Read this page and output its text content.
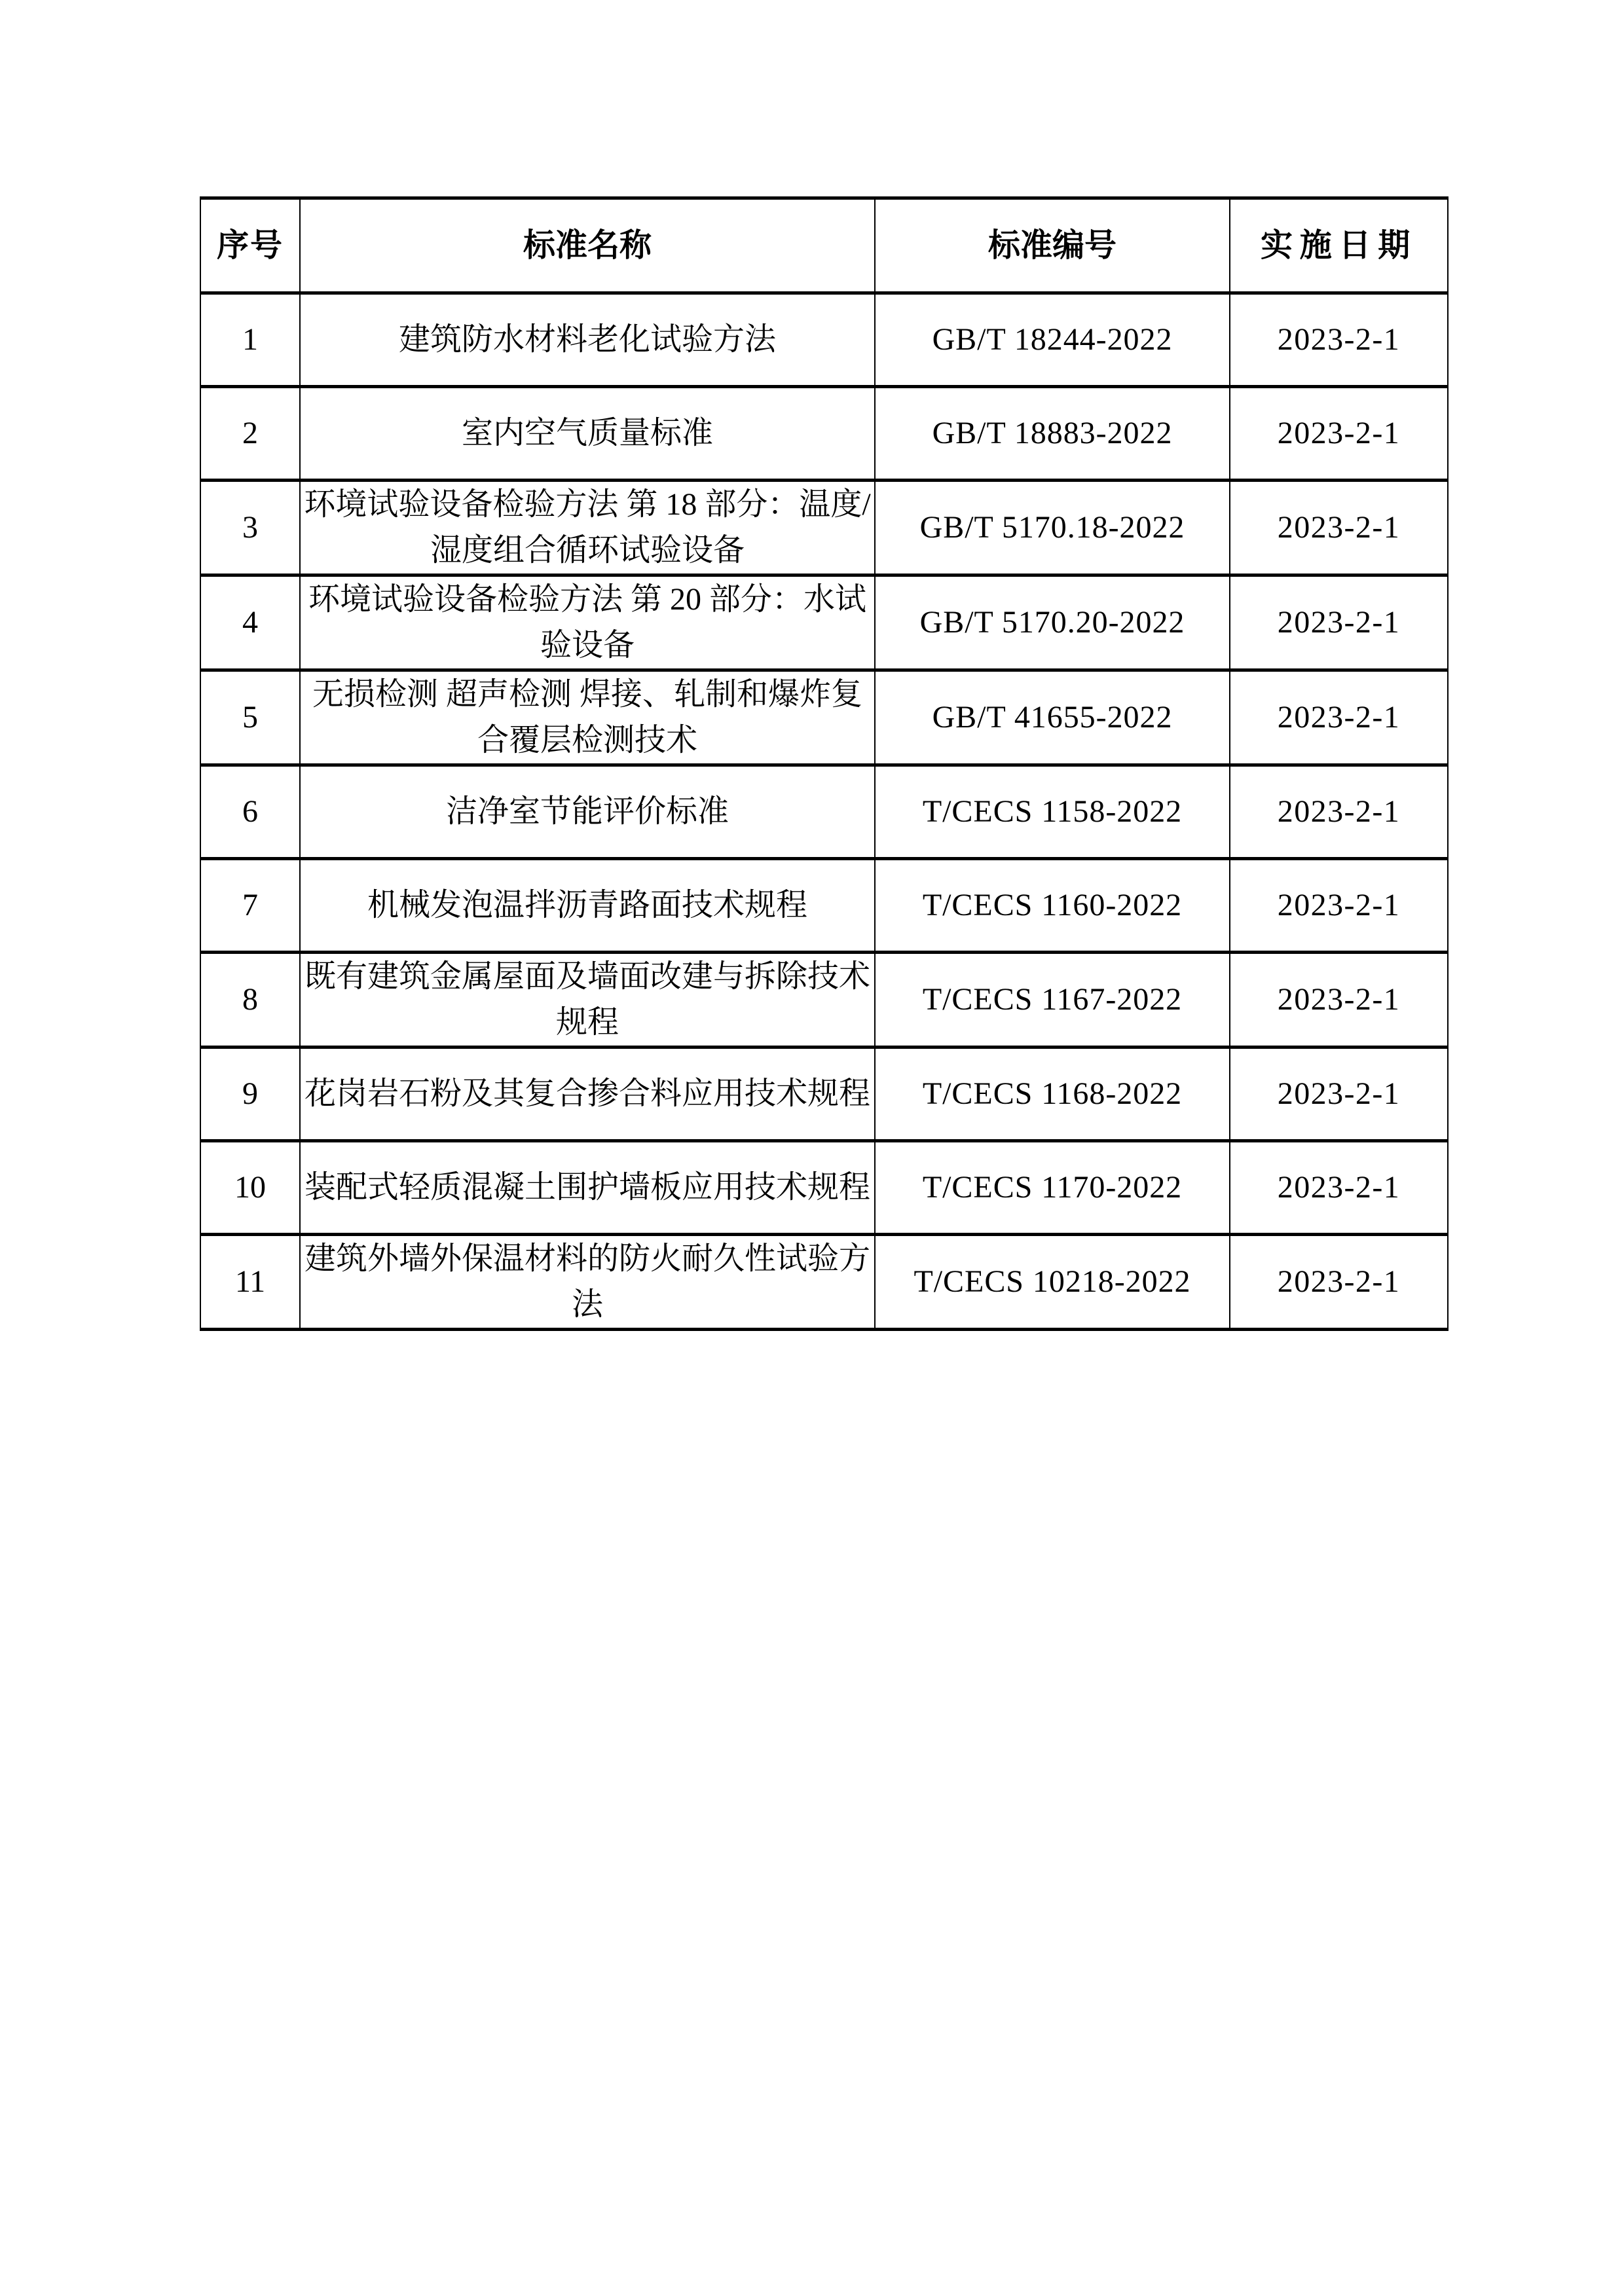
序号	标准名称	标准编号	实施日期
1	建筑防水材料老化试验方法	GB/T 18244-2022	2023-2-1
2	室内空气质量标准	GB/T 18883-2022	2023-2-1
3	环境试验设备检验方法 第 18 部分：温度/湿度组合循环试验设备	GB/T 5170.18-2022	2023-2-1
4	环境试验设备检验方法 第 20 部分：水试验设备	GB/T 5170.20-2022	2023-2-1
5	无损检测 超声检测 焊接、轧制和爆炸复合覆层检测技术	GB/T 41655-2022	2023-2-1
6	洁净室节能评价标准	T/CECS 1158-2022	2023-2-1
7	机械发泡温拌沥青路面技术规程	T/CECS 1160-2022	2023-2-1
8	既有建筑金属屋面及墙面改建与拆除技术规程	T/CECS 1167-2022	2023-2-1
9	花岗岩石粉及其复合掺合料应用技术规程	T/CECS 1168-2022	2023-2-1
10	装配式轻质混凝土围护墙板应用技术规程	T/CECS 1170-2022	2023-2-1
11	建筑外墙外保温材料的防火耐久性试验方法	T/CECS 10218-2022	2023-2-1
